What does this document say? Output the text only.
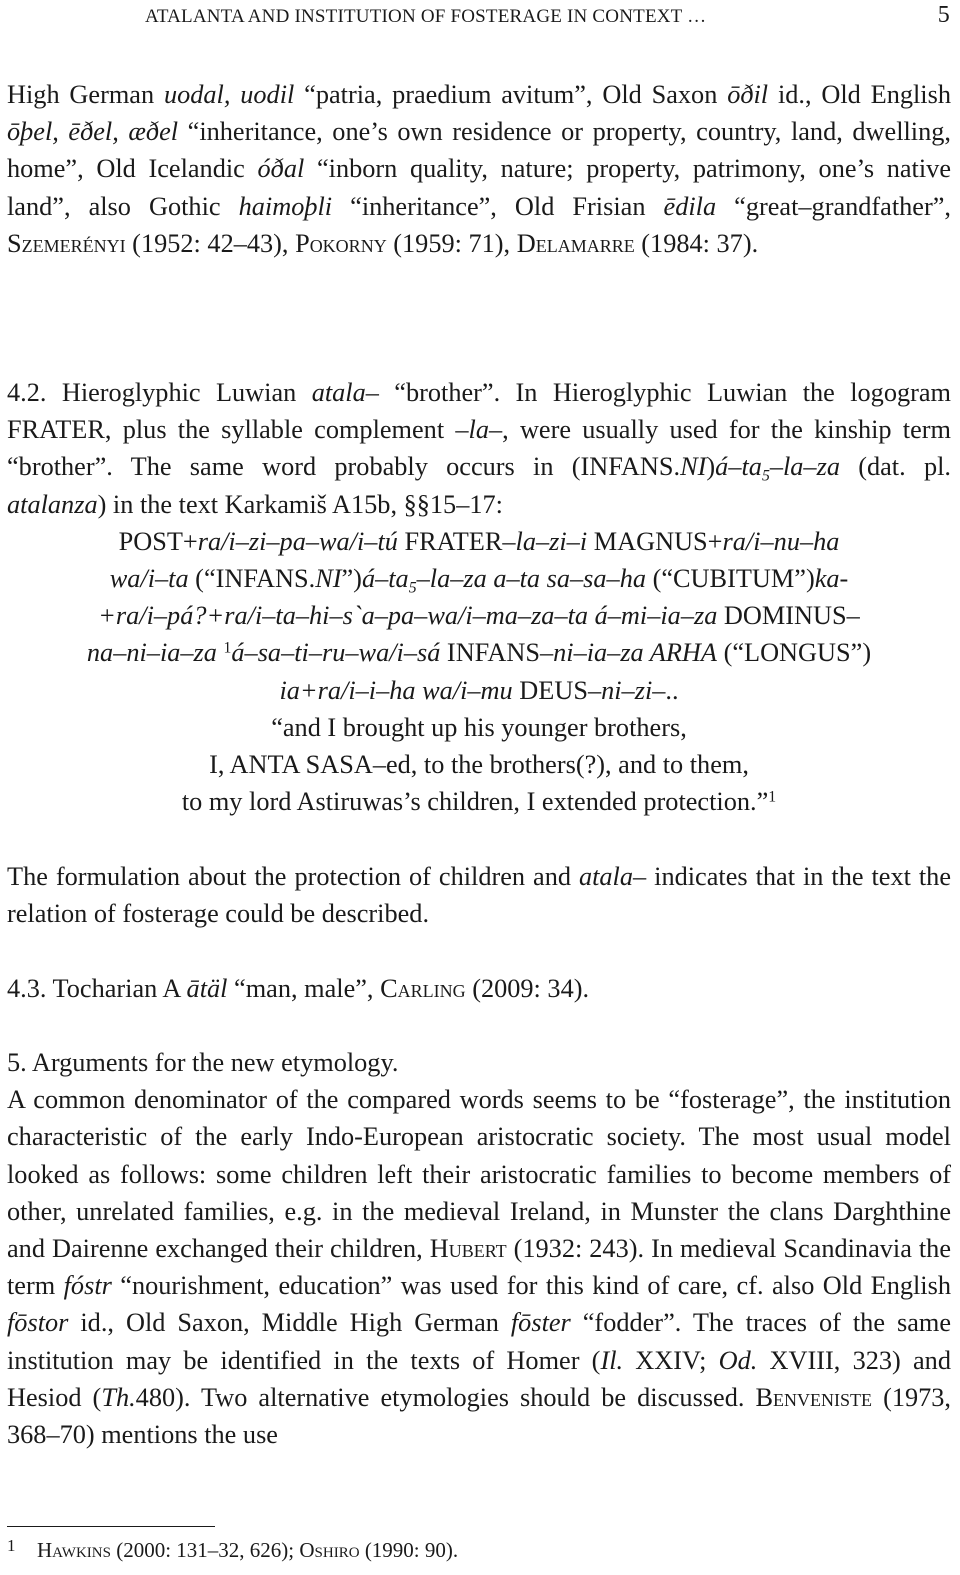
ATALANTA AND INSTITUTION OF FOSTERAGE IN CONTEXT …	5

High German uodal, uodil “patria, praedium avitum”, Old Saxon ōðil id., Old English ōþel, ēðel, æðel “inheritance, one’s own residence or property, country, land, dwelling, home”, Old Icelandic óðal “inborn quality, nature; property, patrimony, one’s native land”, also Gothic haimoþli “inheritance”, Old Frisian ēdila “great–grandfather”, Szemerényi (1952: 42–43), Pokorny (1959: 71), Delamarre (1984: 37).

4.2. Hieroglyphic Luwian atala– “brother”. In Hieroglyphic Luwian the logogram FRATER, plus the syllable complement –la–, were usually used for the kinship term “brother”. The same word probably occurs in $(INFANS.NI)á-ta_5-la-za$ (dat. pl. atalanza) in the text Karkamiš A15b, §§15–17:

POST+ra/i–zi–pa–wa/i–tú FRATER–la–zi–i MAGNUS+ra/i–nu–ha

wa/i–ta $(“INFANS.NI”)á-ta_5-la-za$ a–ta sa–sa–ha (“CUBITUM”)ka-

+ra/i–pá?+ra/i–ta–hi–s`a–pa–wa/i–ma–za–ta á–mi–ia–za DOMINUS–

na–ni–ia–za $^1$á–sa–ti–ru–wa/i–sá INFANS–ni–ia–za ARHA (“LONGUS”)

ia+ra/i–i–ha wa/i–mu DEUS–ni–zi–..

“and I brought up his younger brothers,

I, ANTA SASA–ed, to the brothers(?), and to them,

to my lord Astiruwas’s children, I extended protection.”$^1$

The formulation about the protection of children and atala– indicates that in the text the relation of fosterage could be described.

4.3. Tocharian A ātäl “man, male”, Carling (2009: 34).

5. Arguments for the new etymology.

A common denominator of the compared words seems to be “fosterage”, the institution characteristic of the early Indo-European aristocratic society. The most usual model looked as follows: some children left their aristocratic families to become members of other, unrelated families, e.g. in the medieval Ireland, in Munster the clans Darghthine and Dairenne exchanged their children, Hubert (1932: 243). In medieval Scandinavia the term fóstr “nourishment, education” was used for this kind of care, cf. also Old English fōstor id., Old Saxon, Middle High German fōster “fodder”. The traces of the same institution may be identified in the texts of Homer (Il. XXIV; Od. XVIII, 323) and Hesiod (Th.480). Two alternative etymologies should be discussed. Benveniste (1973, 368–70) mentions the use

1 Hawkins (2000: 131–32, 626); Oshiro (1990: 90).
